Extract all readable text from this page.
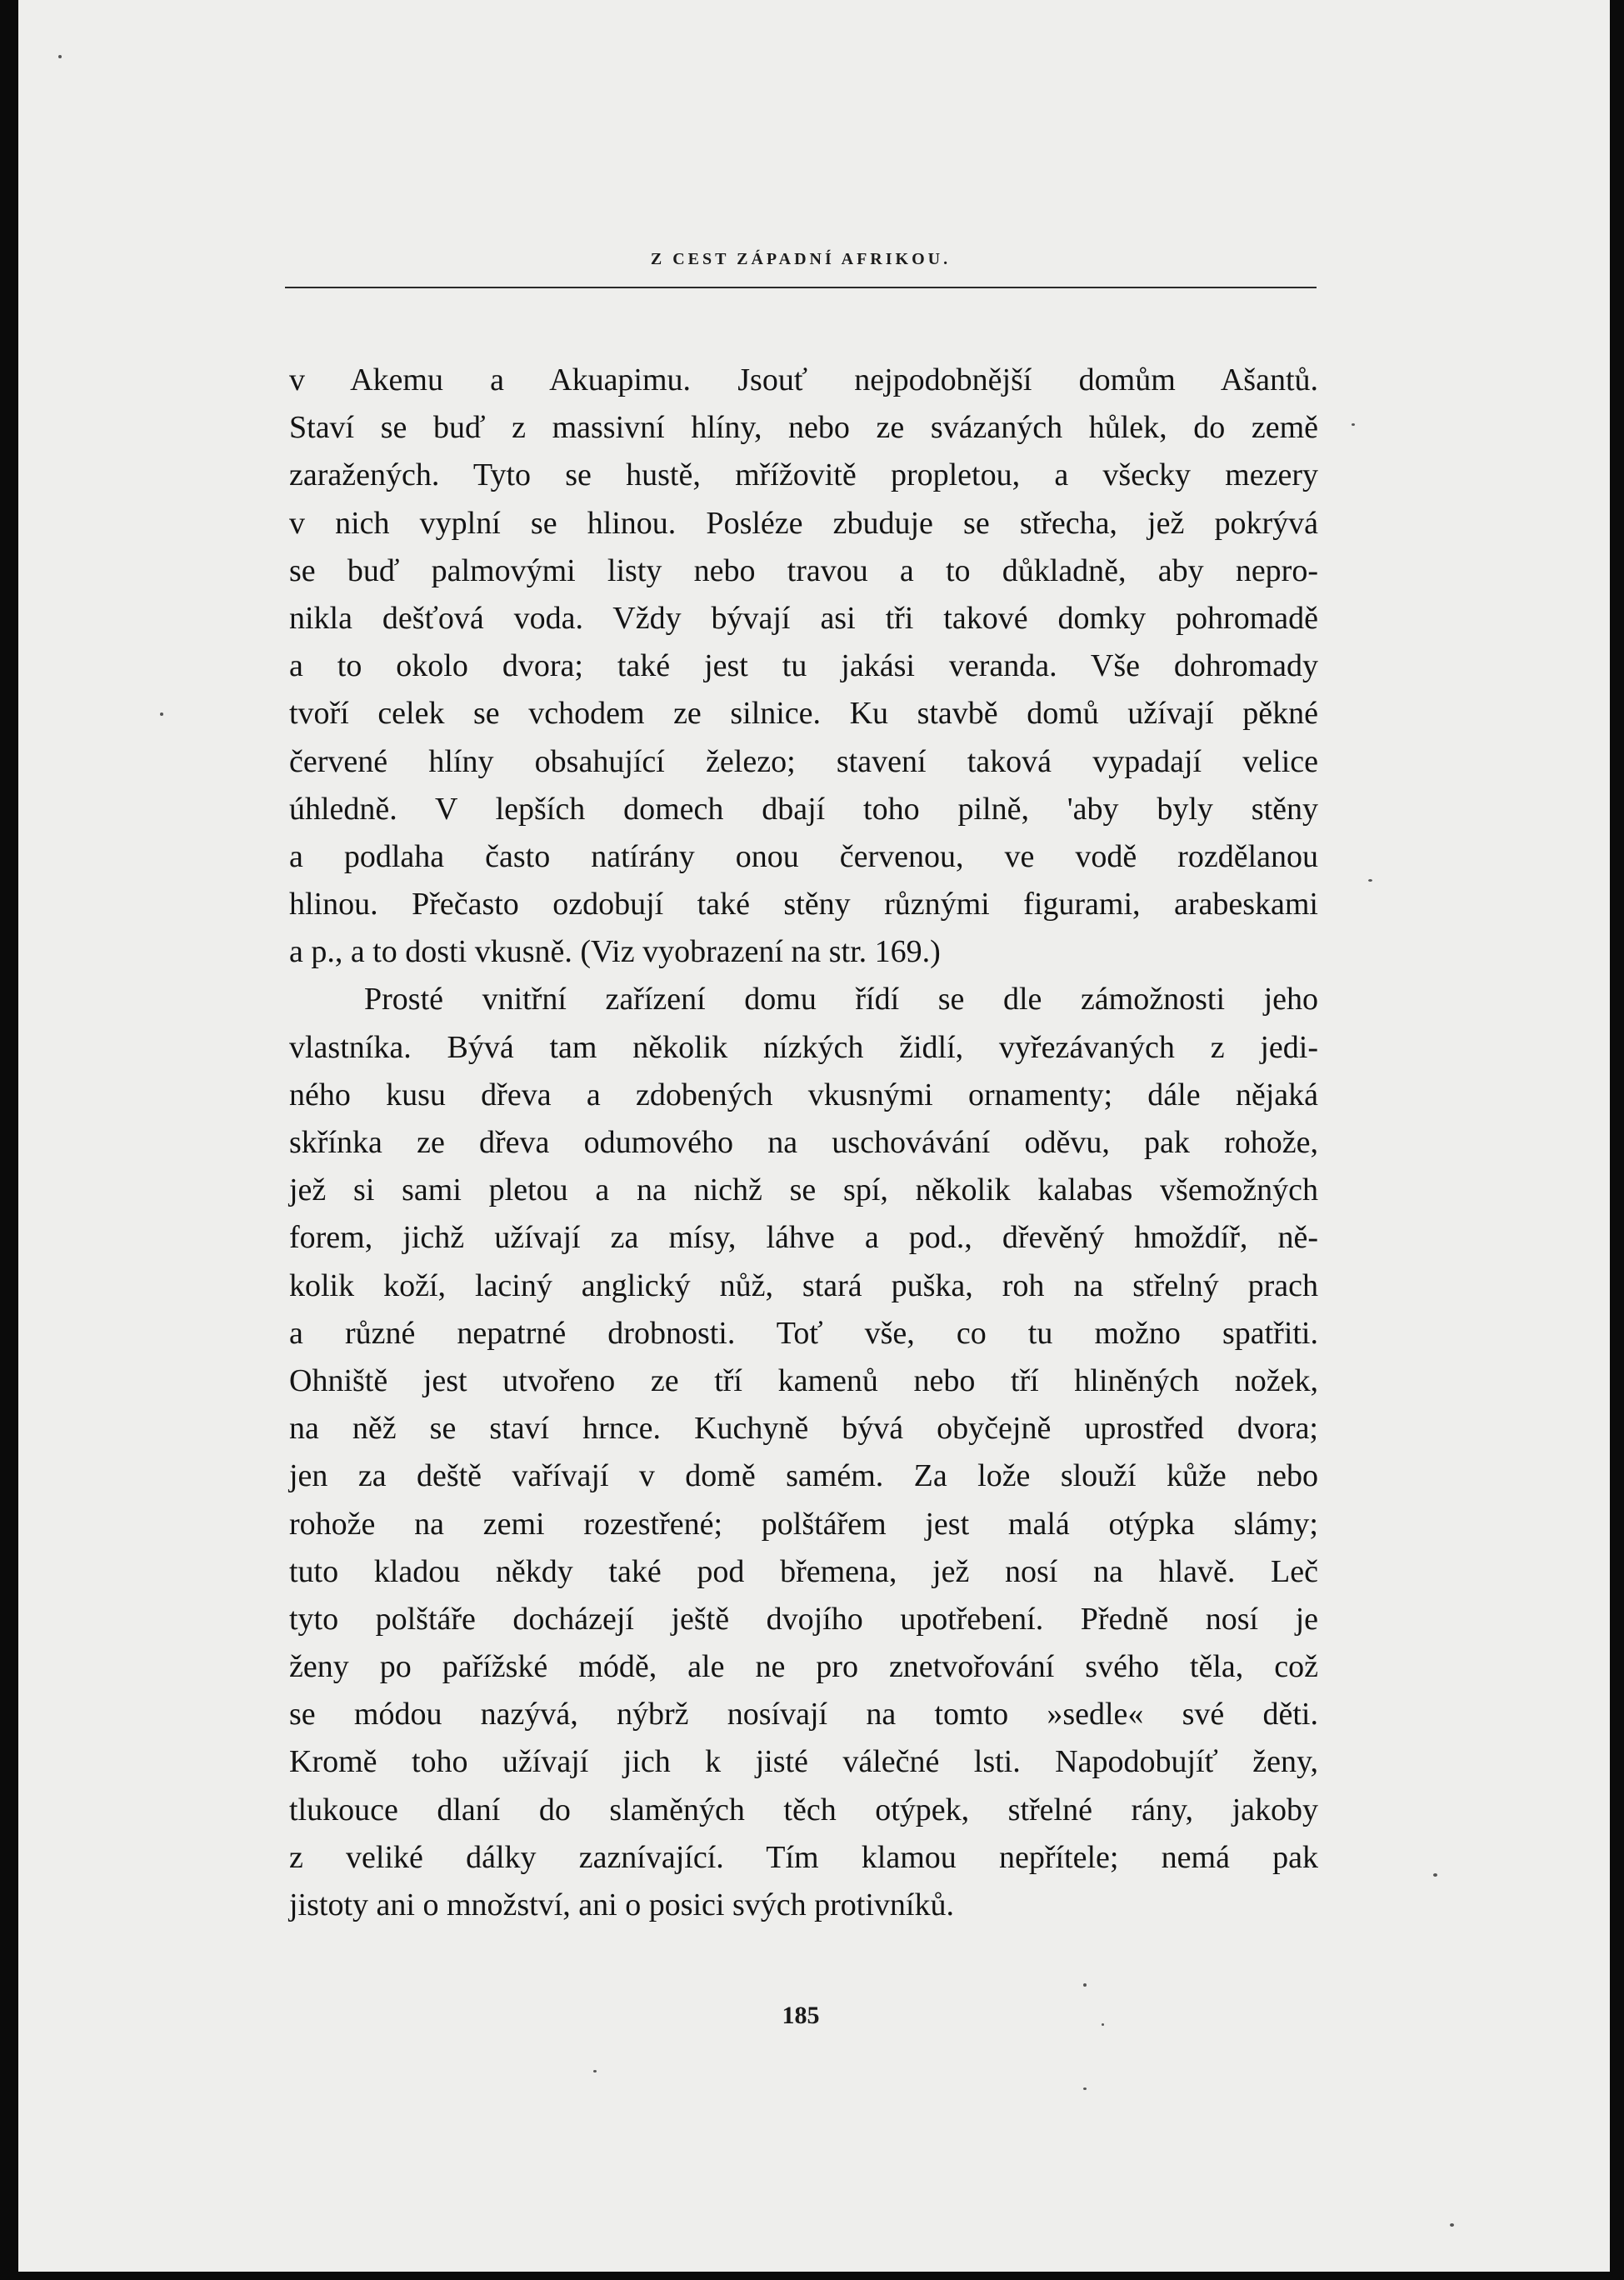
Z CEST ZÁPADNÍ AFRIKOU.
v Akemu a Akuapimu. Jsouť nejpodobnější domům Ašantů.
Staví se buď z massivní hlíny, nebo ze svázaných hůlek, do země
zaražených. Tyto se hustě, mřížovitě propletou, a všecky mezery
v nich vyplní se hlinou. Posléze zbuduje se střecha, jež pokrývá
se buď palmovými listy nebo travou a to důkladně, aby nepro-
nikla dešťová voda. Vždy bývají asi tři takové domky pohromadě
a to okolo dvora; také jest tu jakási veranda. Vše dohromady
tvoří celek se vchodem ze silnice. Ku stavbě domů užívají pěkné
červené hlíny obsahující železo; stavení taková vypadají velice
úhledně. V lepších domech dbají toho pilně, 'aby byly stěny
a podlaha často natírány onou červenou, ve vodě rozdělanou
hlinou. Přečasto ozdobují také stěny různými figurami, arabeskami
a p., a to dosti vkusně. (Viz vyobrazení na str. 169.)
Prosté vnitřní zařízení domu řídí se dle zámožnosti jeho
vlastníka. Bývá tam několik nízkých židlí, vyřezávaných z jedi-
ného kusu dřeva a zdobených vkusnými ornamenty; dále nějaká
skřínka ze dřeva odumového na uschovávání oděvu, pak rohože,
jež si sami pletou a na nichž se spí, několik kalabas všemožných
forem, jichž užívají za mísy, láhve a pod., dřevěný hmoždíř, ně-
kolik koží, laciný anglický nůž, stará puška, roh na střelný prach
a různé nepatrné drobnosti. Toť vše, co tu možno spatřiti.
Ohniště jest utvořeno ze tří kamenů nebo tří hliněných nožek,
na něž se staví hrnce. Kuchyně bývá obyčejně uprostřed dvora;
jen za deště vařívají v domě samém. Za lože slouží kůže nebo
rohože na zemi rozestřené; polštářem jest malá otýpka slámy;
tuto kladou někdy také pod břemena, jež nosí na hlavě. Leč
tyto polštáře docházejí ještě dvojího upotřebení. Předně nosí je
ženy po pařížské módě, ale ne pro znetvořování svého těla, což
se módou nazývá, nýbrž nosívají na tomto »sedle« své děti.
Kromě toho užívají jich k jisté válečné lsti. Napodobujíť ženy,
tlukouce dlaní do slaměných těch otýpek, střelné rány, jakoby
z veliké dálky zaznívající. Tím klamou nepřítele; nemá pak
jistoty ani o množství, ani o posici svých protivníků.
185
